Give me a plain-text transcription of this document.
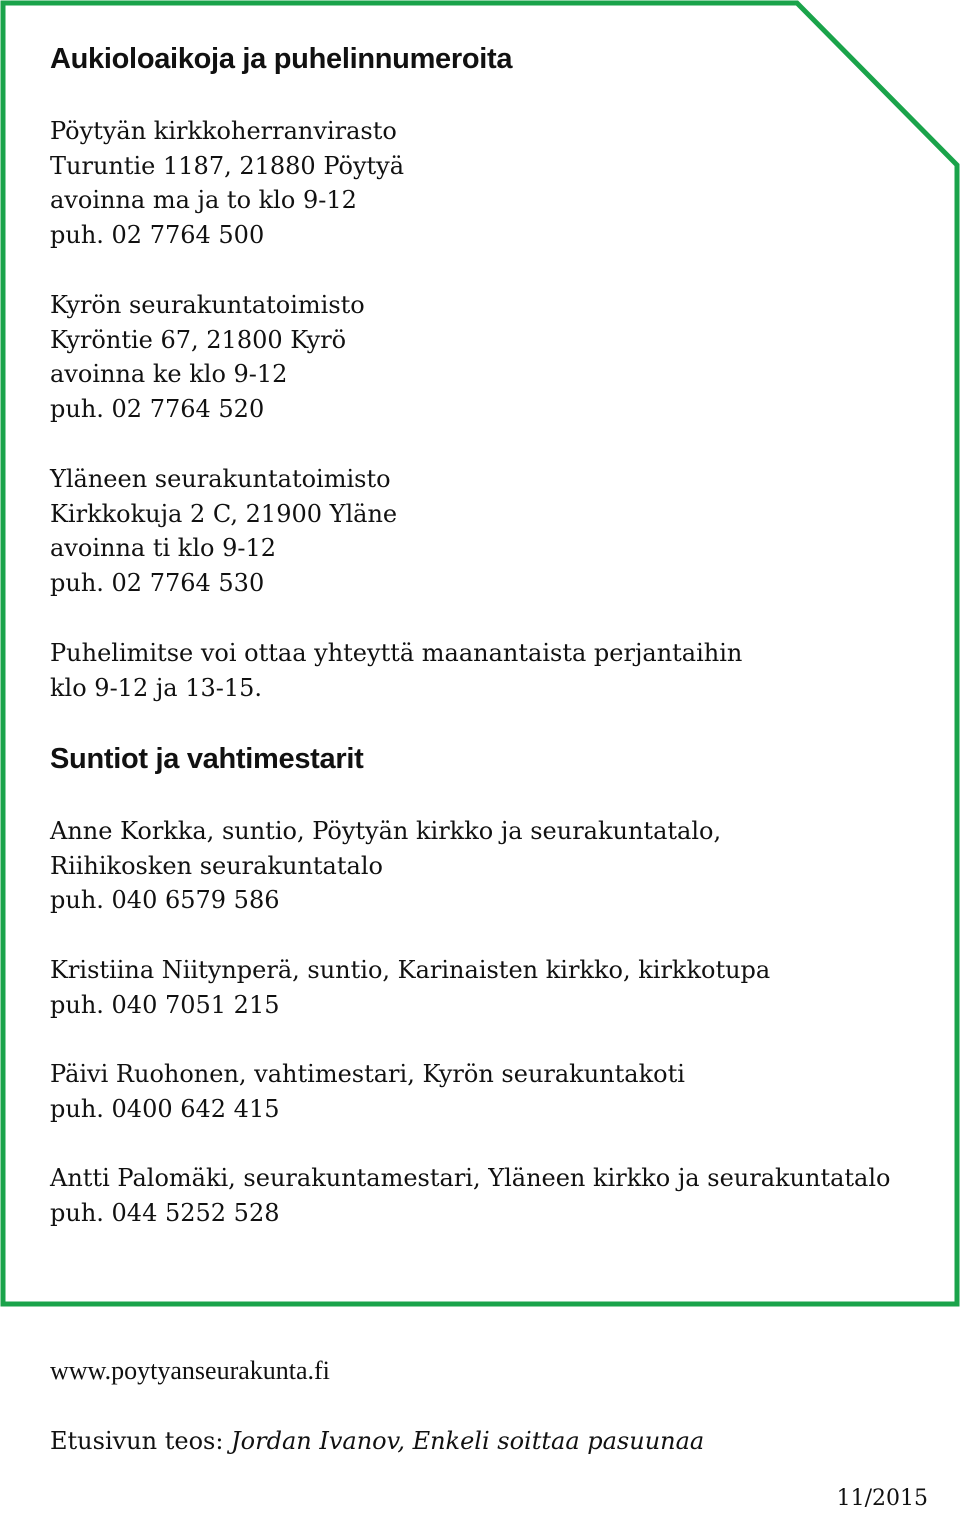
Aukioloaikoja ja puhelinnumeroita
Pöytyän kirkkoherranvirasto
Turuntie 1187, 21880 Pöytyä
avoinna ma ja to klo 9-12
puh. 02 7764 500
Kyrön seurakuntatoimisto
Kyröntie 67, 21800 Kyrö
avoinna ke klo 9-12
puh. 02 7764 520
Yläneen seurakuntatoimisto
Kirkkokuja 2 C, 21900 Yläne
avoinna ti klo 9-12
puh. 02 7764 530
Puhelimitse voi ottaa yhteyttä maanantaista perjantaihin
klo 9-12 ja 13-15.
Suntiot ja vahtimestarit
Anne Korkka, suntio, Pöytyän kirkko ja seurakuntatalo,
Riihikosken seurakuntatalo
puh. 040 6579 586
Kristiina Niitynperä, suntio, Karinaisten kirkko, kirkkotupa
puh. 040 7051 215
Päivi Ruohonen, vahtimestari, Kyrön seurakuntakoti
puh. 0400 642 415
Antti Palomäki, seurakuntamestari, Yläneen kirkko ja seurakuntatalo
puh. 044 5252 528
www.poytyanseurakunta.fi
Etusivun teos: Jordan Ivanov, Enkeli soittaa pasuunaa
11/2015
